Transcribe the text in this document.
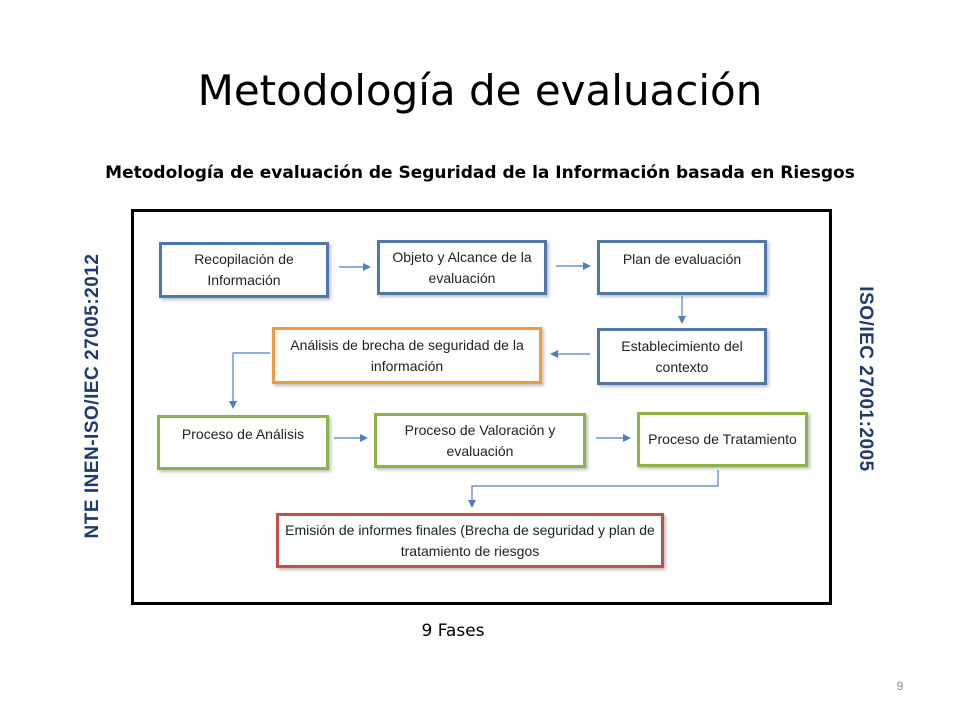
Metodología de evaluación
Metodología de evaluación de Seguridad de la Información basada en Riesgos
NTE INEN-ISO/IEC 27005:2012	ISO/IEC 27001:2005
Recopilación de Información
Objeto y Alcance de la evaluación
Plan de evaluación
Establecimiento del contexto
Análisis de brecha de seguridad de la información
Proceso de Análisis	Proceso de Valoración y evaluación
Proceso de Tratamiento
Emisión de informes finales (Brecha de seguridad y plan de tratamiento de riesgos
9 Fases
9
